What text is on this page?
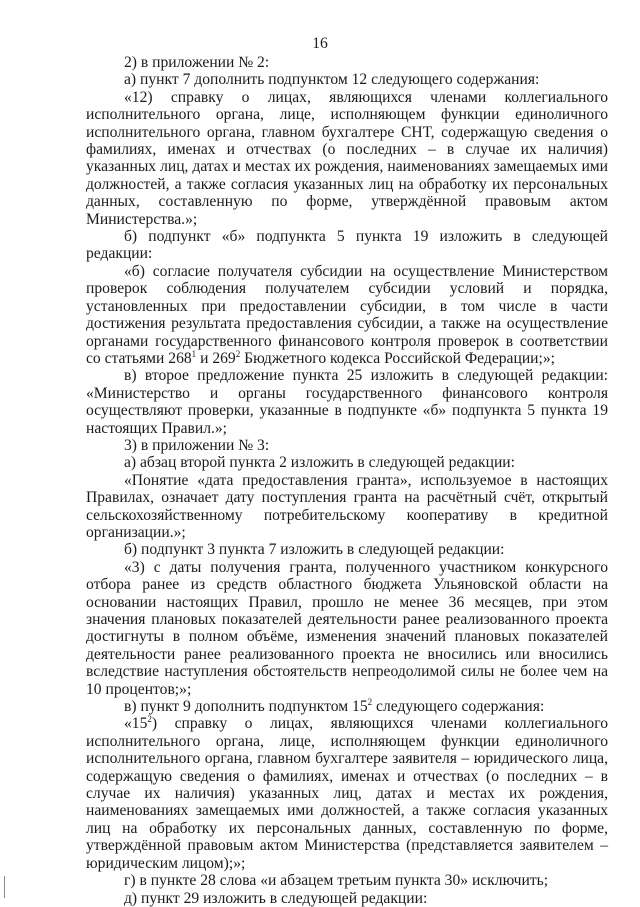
16

2) в приложении № 2:

а) пункт 7 дополнить подпунктом 12 следующего содержания:

«12) справку о лицах, являющихся членами коллегиального исполнительного органа, лице, исполняющем функции единоличного исполнительного органа, главном бухгалтере СНТ, содержащую сведения о фамилиях, именах и отчествах (о последних – в случае их наличия) указанных лиц, датах и местах их рождения, наименованиях замещаемых ими должностей, а также согласия указанных лиц на обработку их персональных данных, составленную по форме, утверждённой правовым актом Министерства.»;

б) подпункт «б» подпункта 5 пункта 19 изложить в следующей редакции:

«б) согласие получателя субсидии на осуществление Министерством проверок соблюдения получателем субсидии условий и порядка, установленных при предоставлении субсидии, в том числе в части достижения результата предоставления субсидии, а также на осуществление органами государственного финансового контроля проверок в соответствии со статьями $268^1$ и $269^2$ Бюджетного кодекса Российской Федерации;»;

в) второе предложение пункта 25 изложить в следующей редакции: «Министерство и органы государственного финансового контроля осуществляют проверки, указанные в подпункте «б» подпункта 5 пункта 19 настоящих Правил.»;

3) в приложении № 3:

а) абзац второй пункта 2 изложить в следующей редакции:

«Понятие «дата предоставления гранта», используемое в настоящих Правилах, означает дату поступления гранта на расчётный счёт, открытый сельскохозяйственному потребительскому кооперативу в кредитной организации.»;

б) подпункт 3 пункта 7 изложить в следующей редакции:

«3) с даты получения гранта, полученного участником конкурсного отбора ранее из средств областного бюджета Ульяновской области на основании настоящих Правил, прошло не менее 36 месяцев, при этом значения плановых показателей деятельности ранее реализованного проекта достигнуты в полном объёме, изменения значений плановых показателей деятельности ранее реализованного проекта не вносились или вносились вследствие наступления обстоятельств непреодолимой силы не более чем на 10 процентов;»;

в) пункт 9 дополнить подпунктом $15^2$ следующего содержания:

«$15^2$) справку о лицах, являющихся членами коллегиального исполнительного органа, лице, исполняющем функции единоличного исполнительного органа, главном бухгалтере заявителя – юридического лица, содержащую сведения о фамилиях, именах и отчествах (о последних – в случае их наличия) указанных лиц, датах и местах их рождения, наименованиях замещаемых ими должностей, а также согласия указанных лиц на обработку их персональных данных, составленную по форме, утверждённой правовым актом Министерства (представляется заявителем – юридическим лицом);»;

г) в пункте 28 слова «и абзацем третьим пункта 30» исключить;

д) пункт 29 изложить в следующей редакции:
